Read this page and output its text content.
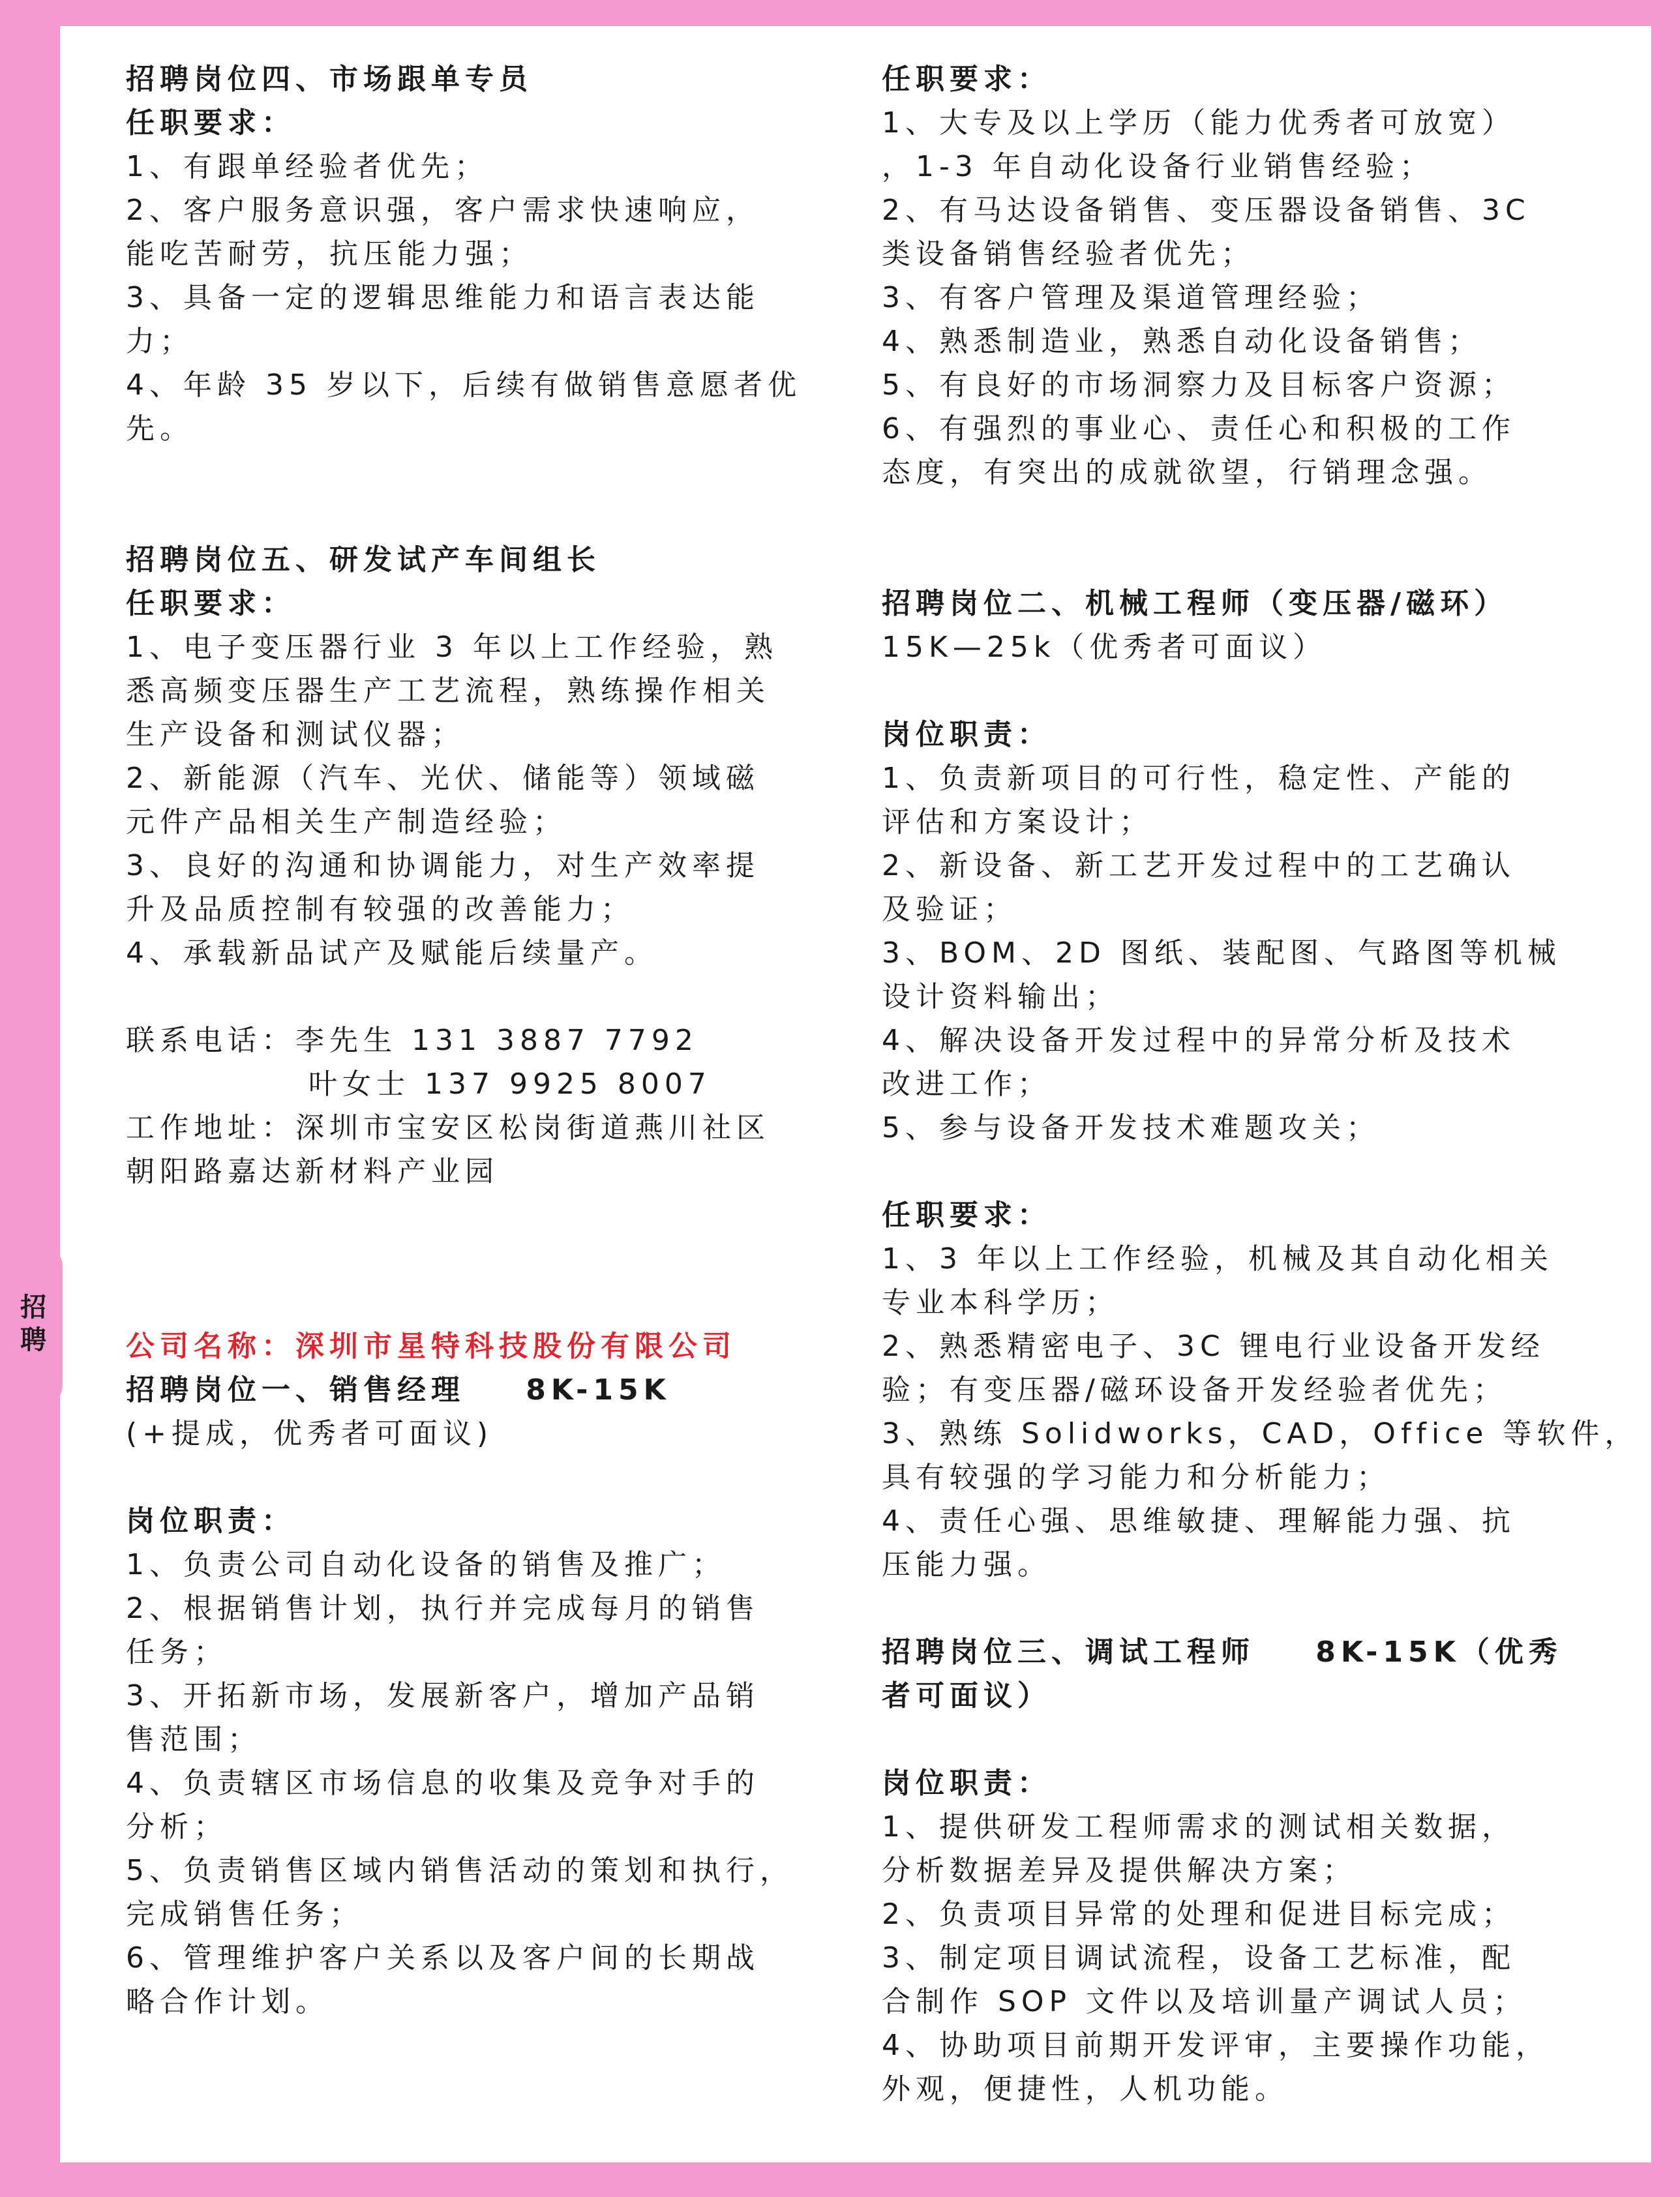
招聘
招聘岗位四、市场跟单专员
任职要求：
1、有跟单经验者优先；
2、客户服务意识强，客户需求快速响应，
能吃苦耐劳，抗压能力强；
3、具备一定的逻辑思维能力和语言表达能
力；
4、年龄 35 岁以下，后续有做销售意愿者优
先。
招聘岗位五、研发试产车间组长
任职要求：
1、电子变压器行业 3 年以上工作经验，熟
悉高频变压器生产工艺流程，熟练操作相关
生产设备和测试仪器；
2、新能源（汽车、光伏、储能等）领域磁
元件产品相关生产制造经验；
3、良好的沟通和协调能力，对生产效率提
升及品质控制有较强的改善能力；
4、承载新品试产及赋能后续量产。
联系电话：李先生 131 3887 7792
叶女士 137 9925 8007
工作地址：深圳市宝安区松岗街道燕川社区
朝阳路嘉达新材料产业园
公司名称：深圳市星特科技股份有限公司
招聘岗位一、销售经理    8K-15K
(+提成，优秀者可面议)
岗位职责：
1、负责公司自动化设备的销售及推广；
2、根据销售计划，执行并完成每月的销售
任务；
3、开拓新市场，发展新客户，增加产品销
售范围；
4、负责辖区市场信息的收集及竞争对手的
分析；
5、负责销售区域内销售活动的策划和执行，
完成销售任务；
6、管理维护客户关系以及客户间的长期战
略合作计划。
任职要求：
1、大专及以上学历（能力优秀者可放宽）
，1-3 年自动化设备行业销售经验；
2、有马达设备销售、变压器设备销售、3C
类设备销售经验者优先；
3、有客户管理及渠道管理经验；
4、熟悉制造业，熟悉自动化设备销售；
5、有良好的市场洞察力及目标客户资源；
6、有强烈的事业心、责任心和积极的工作
态度，有突出的成就欲望，行销理念强。
招聘岗位二、机械工程师（变压器/磁环）
15K—25k（优秀者可面议）
岗位职责：
1、负责新项目的可行性，稳定性、产能的
评估和方案设计；
2、新设备、新工艺开发过程中的工艺确认
及验证；
3、BOM、2D 图纸、装配图、气路图等机械
设计资料输出；
4、解决设备开发过程中的异常分析及技术
改进工作；
5、参与设备开发技术难题攻关；
任职要求：
1、3 年以上工作经验，机械及其自动化相关
专业本科学历；
2、熟悉精密电子、3C 锂电行业设备开发经
验；有变压器/磁环设备开发经验者优先；
3、熟练 Solidworks，CAD，Office 等软件，
具有较强的学习能力和分析能力；
4、责任心强、思维敏捷、理解能力强、抗
压能力强。
招聘岗位三、调试工程师    8K-15K（优秀
者可面议）
岗位职责：
1、提供研发工程师需求的测试相关数据，
分析数据差异及提供解决方案；
2、负责项目异常的处理和促进目标完成；
3、制定项目调试流程，设备工艺标准，配
合制作 SOP 文件以及培训量产调试人员；
4、协助项目前期开发评审，主要操作功能，
外观，便捷性，人机功能。
